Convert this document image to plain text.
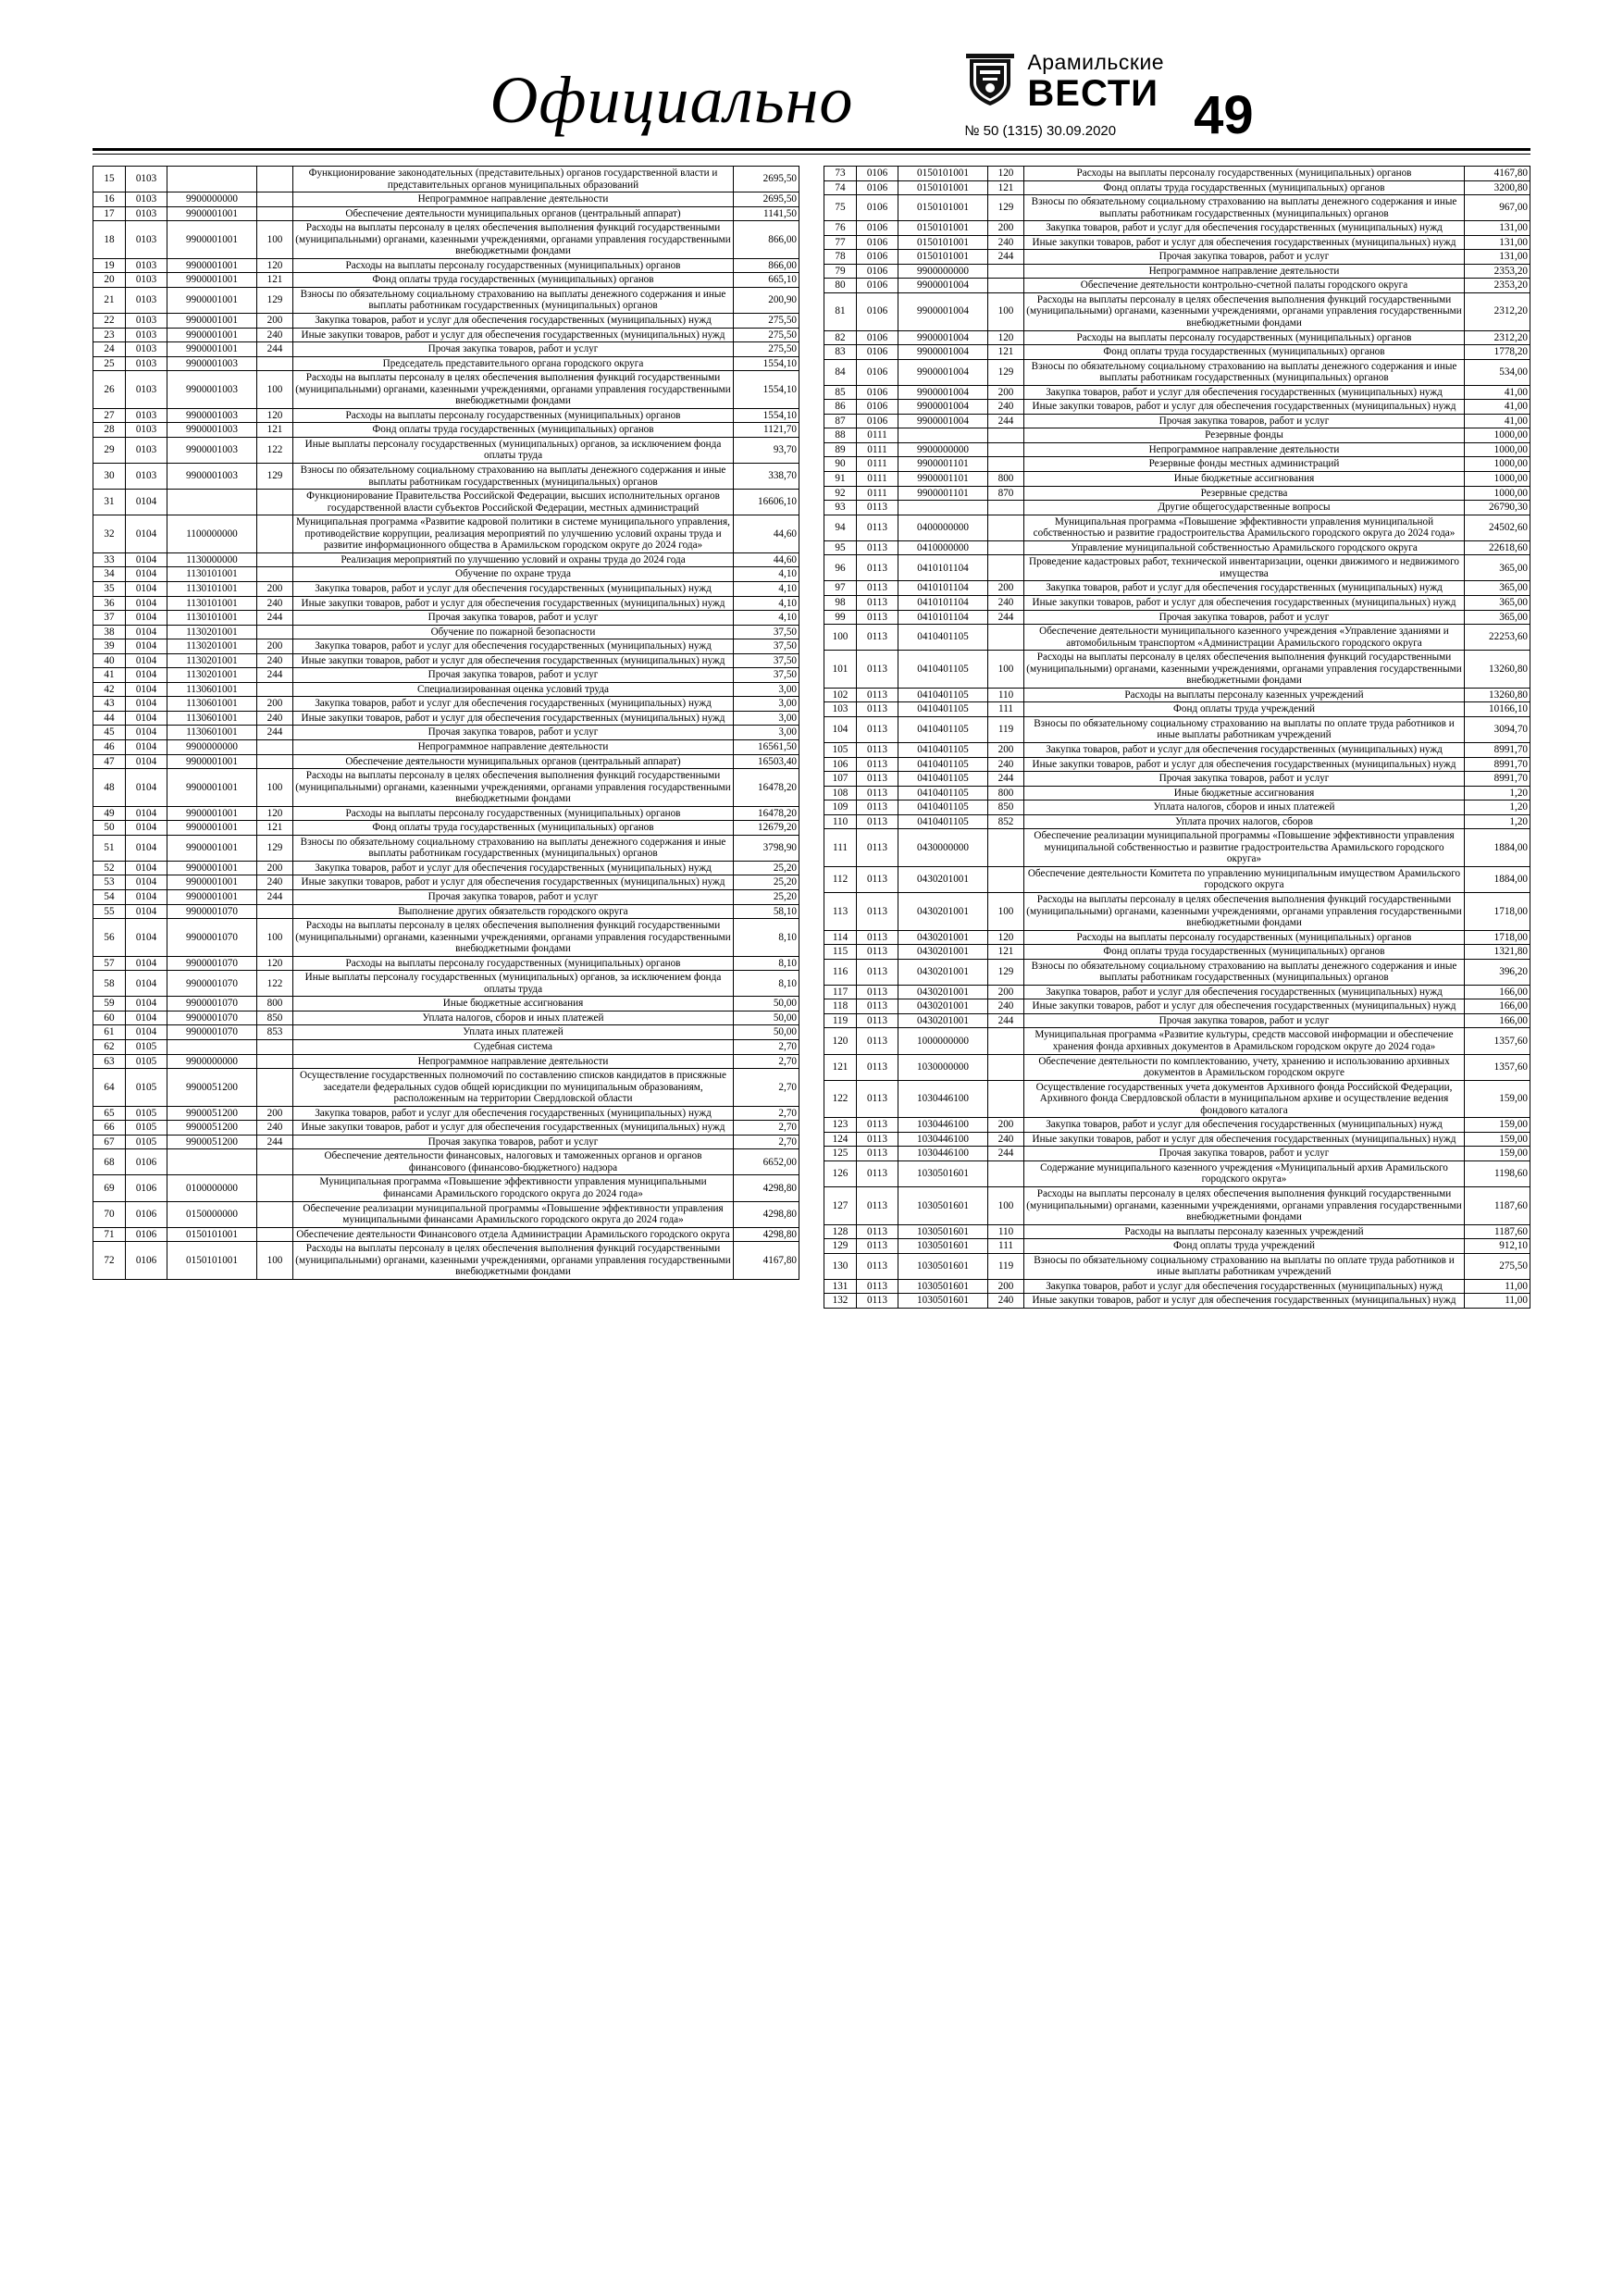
Официально
Арамильские
ВЕСТИ
№ 50 (1315) 30.09.2020 49
15	0103			Функционирование законодательных (представительных) органов государственной власти и представительных органов муниципальных образований	2695,50
16	0103	9900000000		Непрограммное направление деятельности	2695,50
17	0103	9900001001		Обеспечение деятельности муниципальных органов (центральный аппарат)	1141,50
18	0103	9900001001	100	Расходы на выплаты персоналу в целях обеспечения выполнения функций государственными (муниципальными) органами, казенными учреждениями, органами управления государственными внебюджетными фондами	866,00
19	0103	9900001001	120	Расходы на выплаты персоналу государственных (муниципальных) органов	866,00
20	0103	9900001001	121	Фонд оплаты труда государственных (муниципальных) органов	665,10
21	0103	9900001001	129	Взносы по обязательному социальному страхованию на выплаты денежного содержания и иные выплаты работникам государственных (муниципальных) органов	200,90
22	0103	9900001001	200	Закупка товаров, работ и услуг для обеспечения государственных (муниципальных) нужд	275,50
23	0103	9900001001	240	Иные закупки товаров, работ и услуг для обеспечения государственных (муниципальных) нужд	275,50
24	0103	9900001001	244	Прочая закупка товаров, работ и услуг	275,50
25	0103	9900001003		Председатель представительного органа городского округа	1554,10
26	0103	9900001003	100	Расходы на выплаты персоналу в целях обеспечения выполнения функций государственными (муниципальными) органами, казенными учреждениями, органами управления государственными внебюджетными фондами	1554,10
27	0103	9900001003	120	Расходы на выплаты персоналу государственных (муниципальных) органов	1554,10
28	0103	9900001003	121	Фонд оплаты труда государственных (муниципальных) органов	1121,70
29	0103	9900001003	122	Иные выплаты персоналу государственных (муниципальных) органов, за исключением фонда оплаты труда	93,70
30	0103	9900001003	129	Взносы по обязательному социальному страхованию на выплаты денежного содержания и иные выплаты работникам государственных (муниципальных) органов	338,70
31	0104			Функционирование Правительства Российской Федерации, высших исполнительных органов государственной власти субъектов Российской Федерации, местных администраций	16606,10
32	0104	1100000000		Муниципальная программа «Развитие кадровой политики в системе муниципального управления, противодействие коррупции, реализация мероприятий по улучшению условий охраны труда и развитие информационного общества в Арамильском городском округе до 2024 года»	44,60
33	0104	1130000000		Реализация мероприятий по улучшению условий и охраны труда до 2024 года	44,60
34	0104	1130101001		Обучение по охране труда	4,10
35	0104	1130101001	200	Закупка товаров, работ и услуг для обеспечения государственных (муниципальных) нужд	4,10
36	0104	1130101001	240	Иные закупки товаров, работ и услуг для обеспечения государственных (муниципальных) нужд	4,10
37	0104	1130101001	244	Прочая закупка товаров, работ и услуг	4,10
38	0104	1130201001		Обучение по пожарной безопасности	37,50
39	0104	1130201001	200	Закупка товаров, работ и услуг для обеспечения государственных (муниципальных) нужд	37,50
40	0104	1130201001	240	Иные закупки товаров, работ и услуг для обеспечения государственных (муниципальных) нужд	37,50
41	0104	1130201001	244	Прочая закупка товаров, работ и услуг	37,50
42	0104	1130601001		Специализированная оценка условий труда	3,00
43	0104	1130601001	200	Закупка товаров, работ и услуг для обеспечения государственных (муниципальных) нужд	3,00
44	0104	1130601001	240	Иные закупки товаров, работ и услуг для обеспечения государственных (муниципальных) нужд	3,00
45	0104	1130601001	244	Прочая закупка товаров, работ и услуг	3,00
46	0104	9900000000		Непрограммное направление деятельности	16561,50
47	0104	9900001001		Обеспечение деятельности муниципальных органов (центральный аппарат)	16503,40
48	0104	9900001001	100	Расходы на выплаты персоналу в целях обеспечения выполнения функций государственными (муниципальными) органами, казенными учреждениями, органами управления государственными внебюджетными фондами	16478,20
49	0104	9900001001	120	Расходы на выплаты персоналу государственных (муниципальных) органов	16478,20
50	0104	9900001001	121	Фонд оплаты труда государственных (муниципальных) органов	12679,20
51	0104	9900001001	129	Взносы по обязательному социальному страхованию на выплаты денежного содержания и иные выплаты работникам государственных (муниципальных) органов	3798,90
52	0104	9900001001	200	Закупка товаров, работ и услуг для обеспечения государственных (муниципальных) нужд	25,20
53	0104	9900001001	240	Иные закупки товаров, работ и услуг для обеспечения государственных (муниципальных) нужд	25,20
54	0104	9900001001	244	Прочая закупка товаров, работ и услуг	25,20
55	0104	9900001070		Выполнение других обязательств городского округа	58,10
56	0104	9900001070	100	Расходы на выплаты персоналу в целях обеспечения выполнения функций государственными (муниципальными) органами, казенными учреждениями, органами управления государственными внебюджетными фондами	8,10
57	0104	9900001070	120	Расходы на выплаты персоналу государственных (муниципальных) органов	8,10
58	0104	9900001070	122	Иные выплаты персоналу государственных (муниципальных) органов, за исключением фонда оплаты труда	8,10
59	0104	9900001070	800	Иные бюджетные ассигнования	50,00
60	0104	9900001070	850	Уплата налогов, сборов и иных платежей	50,00
61	0104	9900001070	853	Уплата иных платежей	50,00
62	0105			Судебная система	2,70
63	0105	9900000000		Непрограммное направление деятельности	2,70
64	0105	9900051200		Осуществление государственных полномочий по составлению списков кандидатов в присяжные заседатели федеральных судов общей юрисдикции по муниципальным образованиям, расположенным на территории Свердловской области	2,70
65	0105	9900051200	200	Закупка товаров, работ и услуг для обеспечения государственных (муниципальных) нужд	2,70
66	0105	9900051200	240	Иные закупки товаров, работ и услуг для обеспечения государственных (муниципальных) нужд	2,70
67	0105	9900051200	244	Прочая закупка товаров, работ и услуг	2,70
68	0106			Обеспечение деятельности финансовых, налоговых и таможенных органов и органов финансового (финансово-бюджетного) надзора	6652,00
69	0106	0100000000		Муниципальная программа «Повышение эффективности управления муниципальными финансами Арамильского городского округа до 2024 года»	4298,80
70	0106	0150000000		Обеспечение реализации муниципальной программы «Повышение эффективности управления муниципальными финансами Арамильского городского округа до 2024 года»	4298,80
71	0106	0150101001		Обеспечение деятельности Финансового отдела Администрации Арамильского городского округа	4298,80
72	0106	0150101001	100	Расходы на выплаты персоналу в целях обеспечения выполнения функций государственными (муниципальными) органами, казенными учреждениями, органами управления государственными внебюджетными фондами	4167,80
73	0106	0150101001	120	Расходы на выплаты персоналу государственных (муниципальных) органов	4167,80
74	0106	0150101001	121	Фонд оплаты труда государственных (муниципальных) органов	3200,80
75	0106	0150101001	129	Взносы по обязательному социальному страхованию на выплаты денежного содержания и иные выплаты работникам государственных (муниципальных) органов	967,00
76	0106	0150101001	200	Закупка товаров, работ и услуг для обеспечения государственных (муниципальных) нужд	131,00
77	0106	0150101001	240	Иные закупки товаров, работ и услуг для обеспечения государственных (муниципальных) нужд	131,00
78	0106	0150101001	244	Прочая закупка товаров, работ и услуг	131,00
79	0106	9900000000		Непрограммное направление деятельности	2353,20
80	0106	9900001004		Обеспечение деятельности контрольно-счетной палаты городского округа	2353,20
81	0106	9900001004	100	Расходы на выплаты персоналу в целях обеспечения выполнения функций государственными (муниципальными) органами, казенными учреждениями, органами управления государственными внебюджетными фондами	2312,20
82	0106	9900001004	120	Расходы на выплаты персоналу государственных (муниципальных) органов	2312,20
83	0106	9900001004	121	Фонд оплаты труда государственных (муниципальных) органов	1778,20
84	0106	9900001004	129	Взносы по обязательному социальному страхованию на выплаты денежного содержания и иные выплаты работникам государственных (муниципальных) органов	534,00
85	0106	9900001004	200	Закупка товаров, работ и услуг для обеспечения государственных (муниципальных) нужд	41,00
86	0106	9900001004	240	Иные закупки товаров, работ и услуг для обеспечения государственных (муниципальных) нужд	41,00
87	0106	9900001004	244	Прочая закупка товаров, работ и услуг	41,00
88	0111			Резервные фонды	1000,00
89	0111	9900000000		Непрограммное направление деятельности	1000,00
90	0111	9900001101		Резервные фонды местных администраций	1000,00
91	0111	9900001101	800	Иные бюджетные ассигнования	1000,00
92	0111	9900001101	870	Резервные средства	1000,00
93	0113			Другие общегосударственные вопросы	26790,30
94	0113	0400000000		Муниципальная программа «Повышение эффективности управления муниципальной собственностью и развитие градостроительства Арамильского городского округа до 2024 года»	24502,60
95	0113	0410000000		Управление муниципальной собственностью Арамильского городского округа	22618,60
96	0113	0410101104		Проведение кадастровых работ, технической инвентаризации, оценки движимого и недвижимого имущества	365,00
97	0113	0410101104	200	Закупка товаров, работ и услуг для обеспечения государственных (муниципальных) нужд	365,00
98	0113	0410101104	240	Иные закупки товаров, работ и услуг для обеспечения государственных (муниципальных) нужд	365,00
99	0113	0410101104	244	Прочая закупка товаров, работ и услуг	365,00
100	0113	0410401105		Обеспечение деятельности муниципального казенного учреждения «Управление зданиями и автомобильным транспортом «Администрации Арамильского городского округа	22253,60
101	0113	0410401105	100	Расходы на выплаты персоналу в целях обеспечения выполнения функций государственными (муниципальными) органами, казенными учреждениями, органами управления государственными внебюджетными фондами	13260,80
102	0113	0410401105	110	Расходы на выплаты персоналу казенных учреждений	13260,80
103	0113	0410401105	111	Фонд оплаты труда учреждений	10166,10
104	0113	0410401105	119	Взносы по обязательному социальному страхованию на выплаты по оплате труда работников и иные выплаты работникам учреждений	3094,70
105	0113	0410401105	200	Закупка товаров, работ и услуг для обеспечения государственных (муниципальных) нужд	8991,70
106	0113	0410401105	240	Иные закупки товаров, работ и услуг для обеспечения государственных (муниципальных) нужд	8991,70
107	0113	0410401105	244	Прочая закупка товаров, работ и услуг	8991,70
108	0113	0410401105	800	Иные бюджетные ассигнования	1,20
109	0113	0410401105	850	Уплата налогов, сборов и иных платежей	1,20
110	0113	0410401105	852	Уплата прочих налогов, сборов	1,20
111	0113	0430000000		Обеспечение реализации муниципальной программы «Повышение эффективности управления муниципальной собственностью и развитие градостроительства Арамильского городского округа»	1884,00
112	0113	0430201001		Обеспечение деятельности Комитета по управлению муниципальным имуществом Арамильского городского округа	1884,00
113	0113	0430201001	100	Расходы на выплаты персоналу в целях обеспечения выполнения функций государственными (муниципальными) органами, казенными учреждениями, органами управления государственными внебюджетными фондами	1718,00
114	0113	0430201001	120	Расходы на выплаты персоналу государственных (муниципальных) органов	1718,00
115	0113	0430201001	121	Фонд оплаты труда государственных (муниципальных) органов	1321,80
116	0113	0430201001	129	Взносы по обязательному социальному страхованию на выплаты денежного содержания и иные выплаты работникам государственных (муниципальных) органов	396,20
117	0113	0430201001	200	Закупка товаров, работ и услуг для обеспечения государственных (муниципальных) нужд	166,00
118	0113	0430201001	240	Иные закупки товаров, работ и услуг для обеспечения государственных (муниципальных) нужд	166,00
119	0113	0430201001	244	Прочая закупка товаров, работ и услуг	166,00
120	0113	1000000000		Муниципальная программа «Развитие культуры, средств массовой информации и обеспечение хранения фонда архивных документов в Арамильском городском округе до 2024 года»	1357,60
121	0113	1030000000		Обеспечение деятельности по комплектованию, учету, хранению и использованию архивных документов в Арамильском городском округе	1357,60
122	0113	1030446100		Осуществление государственных учета документов Архивного фонда Российской Федерации, Архивного фонда Свердловской области в муниципальном архиве и осуществление ведения фондового каталога	159,00
123	0113	1030446100	200	Закупка товаров, работ и услуг для обеспечения государственных (муниципальных) нужд	159,00
124	0113	1030446100	240	Иные закупки товаров, работ и услуг для обеспечения государственных (муниципальных) нужд	159,00
125	0113	1030446100	244	Прочая закупка товаров, работ и услуг	159,00
126	0113	1030501601		Содержание муниципального казенного учреждения «Муниципальный архив Арамильского городского округа»	1198,60
127	0113	1030501601	100	Расходы на выплаты персоналу в целях обеспечения выполнения функций государственными (муниципальными) органами, казенными учреждениями, органами управления государственными внебюджетными фондами	1187,60
128	0113	1030501601	110	Расходы на выплаты персоналу казенных учреждений	1187,60
129	0113	1030501601	111	Фонд оплаты труда учреждений	912,10
130	0113	1030501601	119	Взносы по обязательному социальному страхованию на выплаты по оплате труда работников и иные выплаты работникам учреждений	275,50
131	0113	1030501601	200	Закупка товаров, работ и услуг для обеспечения государственных (муниципальных) нужд	11,00
132	0113	1030501601	240	Иные закупки товаров, работ и услуг для обеспечения государственных (муниципальных) нужд	11,00
